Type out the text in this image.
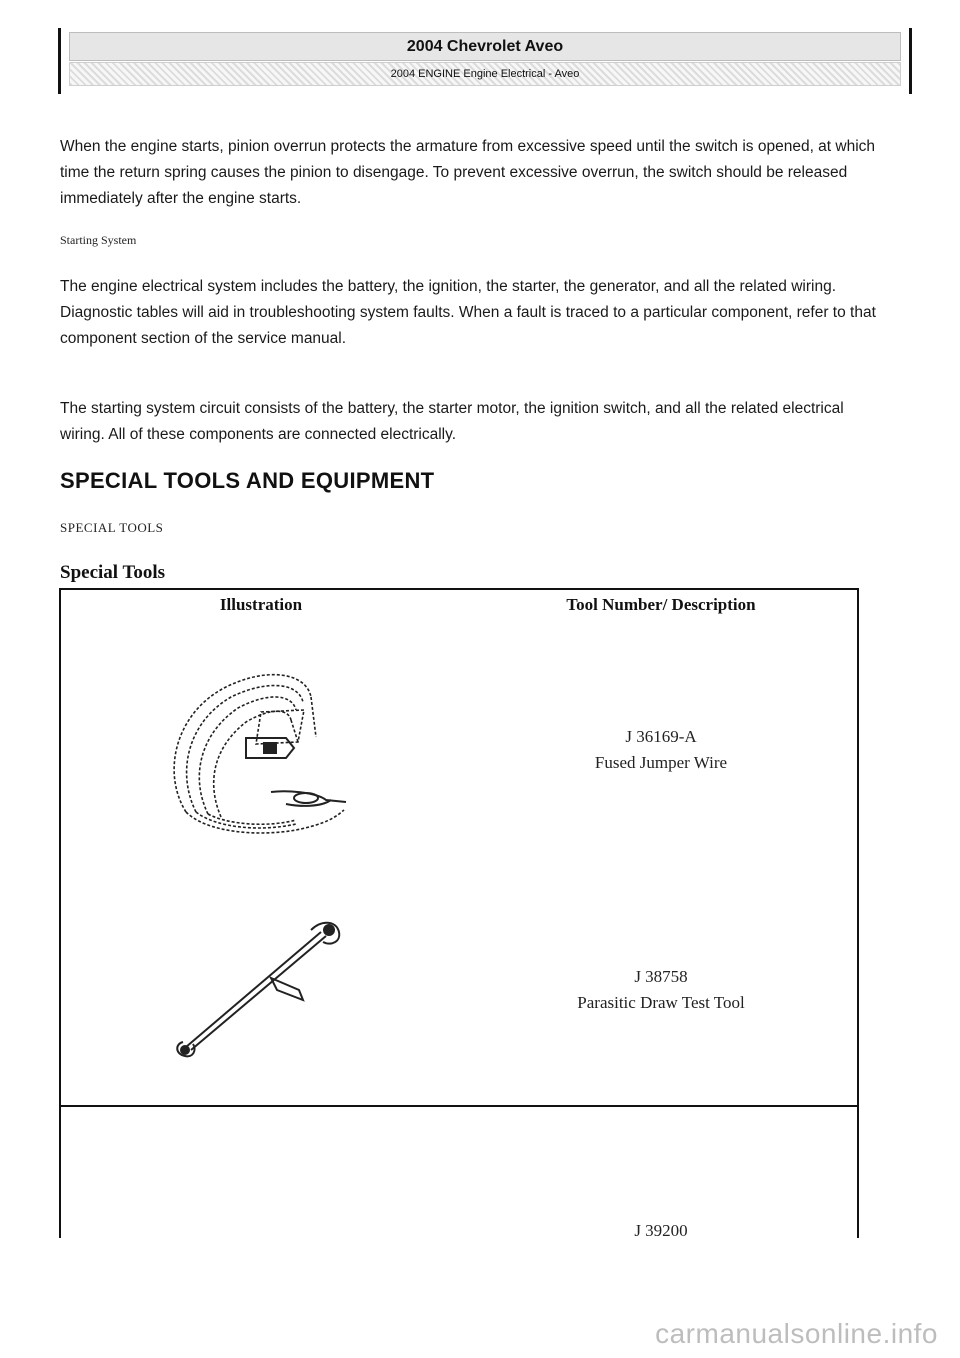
2004 Chevrolet Aveo
2004 ENGINE Engine Electrical - Aveo

When the engine starts, pinion overrun protects the armature from excessive speed until the switch is opened, at which time the return spring causes the pinion to disengage. To prevent excessive overrun, the switch should be released immediately after the engine starts.

Starting System

The engine electrical system includes the battery, the ignition, the starter, the generator, and all the related wiring. Diagnostic tables will aid in troubleshooting system faults. When a fault is traced to a particular component, refer to that component section of the service manual.

The starting system circuit consists of the battery, the starter motor, the ignition switch, and all the related electrical wiring. All of these components are connected electrically.

SPECIAL TOOLS AND EQUIPMENT
SPECIAL TOOLS
Special Tools
Illustration	Tool Number/ Description
J 36169-A
Fused Jumper Wire
J 38758
Parasitic Draw Test Tool
J 39200
carmanualsonline.info
